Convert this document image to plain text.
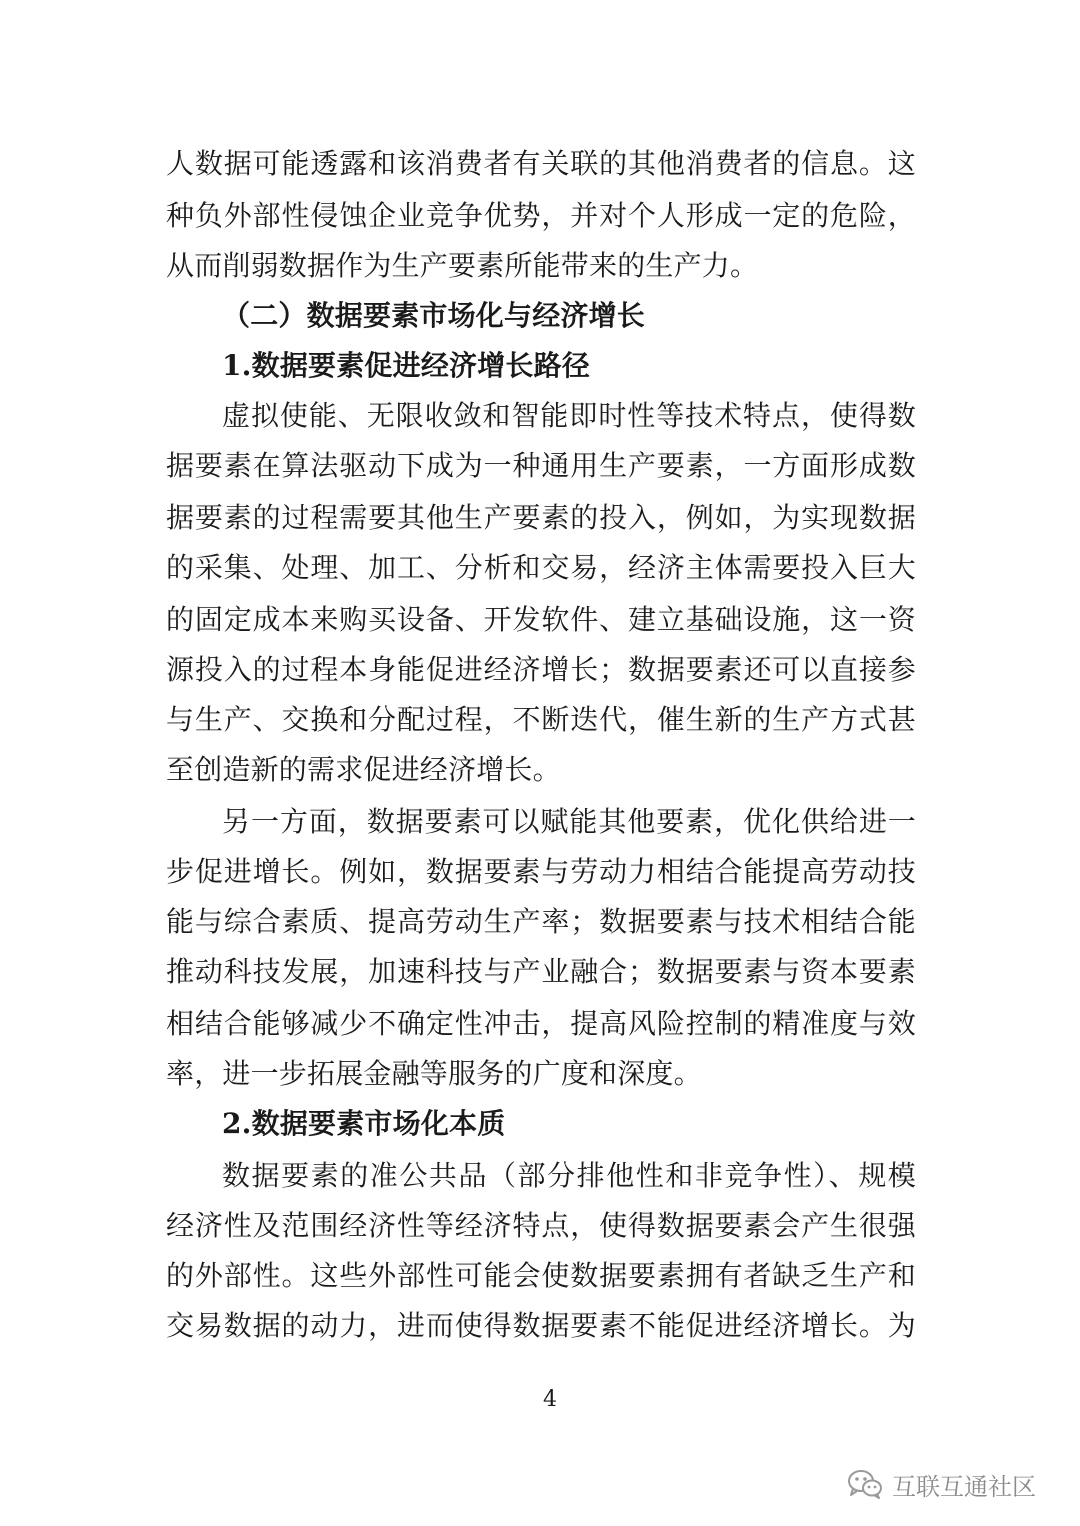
人数据可能透露和该消费者有关联的其他消费者的信息。这
种负外部性侵蚀企业竞争优势，并对个人形成一定的危险，
从而削弱数据作为生产要素所能带来的生产力。
（二）数据要素市场化与经济增长
1.数据要素促进经济增长路径
虚拟使能、无限收敛和智能即时性等技术特点，使得数
据要素在算法驱动下成为一种通用生产要素，一方面形成数
据要素的过程需要其他生产要素的投入，例如，为实现数据
的采集、处理、加工、分析和交易，经济主体需要投入巨大
的固定成本来购买设备、开发软件、建立基础设施，这一资
源投入的过程本身能促进经济增长；数据要素还可以直接参
与生产、交换和分配过程，不断迭代，催生新的生产方式甚
至创造新的需求促进经济增长。
另一方面，数据要素可以赋能其他要素，优化供给进一
步促进增长。例如，数据要素与劳动力相结合能提高劳动技
能与综合素质、提高劳动生产率；数据要素与技术相结合能
推动科技发展，加速科技与产业融合；数据要素与资本要素
相结合能够减少不确定性冲击，提高风险控制的精准度与效
率，进一步拓展金融等服务的广度和深度。
2.数据要素市场化本质
数据要素的准公共品（部分排他性和非竞争性）、规模
经济性及范围经济性等经济特点，使得数据要素会产生很强
的外部性。这些外部性可能会使数据要素拥有者缺乏生产和
交易数据的动力，进而使得数据要素不能促进经济增长。为
4
互联互通社区
